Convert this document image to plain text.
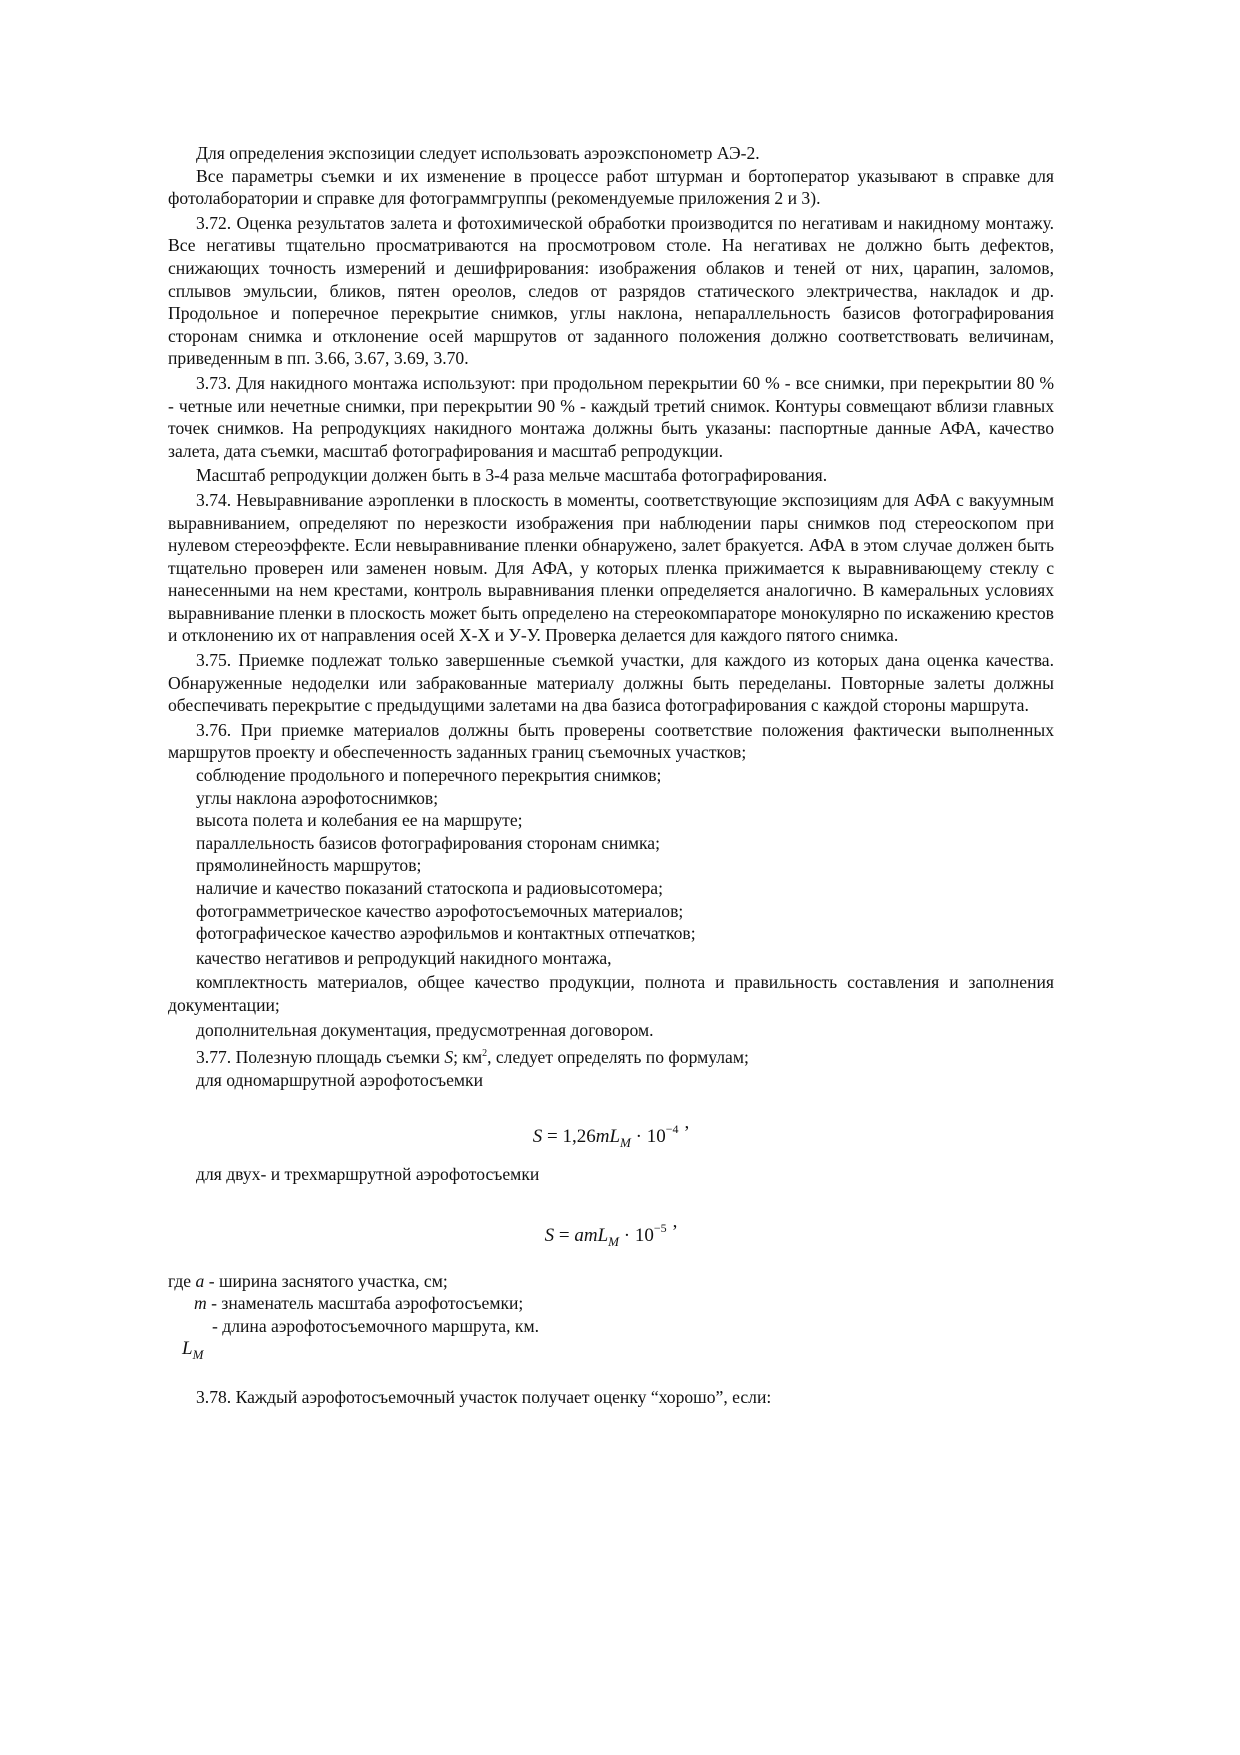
Для определения экспозиции следует использовать аэроэкспонометр АЭ-2.

Все параметры съемки и их изменение в процессе работ штурман и бортоператор указывают в справке для фотолаборатории и справке для фотограммгруппы (рекомендуемые приложения 2 и 3).

3.72. Оценка результатов залета и фотохимической обработки производится по негативам и накидному монтажу. Все негативы тщательно просматриваются на просмотровом столе. На негативах не должно быть дефектов, снижающих точность измерений и дешифрирования: изображения облаков и теней от них, царапин, заломов, сплывов эмульсии, бликов, пятен ореолов, следов от разрядов статического электричества, накладок и др. Продольное и поперечное перекрытие снимков, углы наклона, непараллельность базисов фотографирования сторонам снимка и отклонение осей маршрутов от заданного положения должно соответствовать величинам, приведенным в пп. 3.66, 3.67, 3.69, 3.70.

3.73. Для накидного монтажа используют: при продольном перекрытии 60 % - все снимки, при перекрытии 80 % - четные или нечетные снимки, при перекрытии 90 % - каждый третий снимок. Контуры совмещают вблизи главных точек снимков. На репродукциях накидного монтажа должны быть указаны: паспортные данные АФА, качество залета, дата съемки, масштаб фотографирования и масштаб репродукции.

Масштаб репродукции должен быть в 3-4 раза мельче масштаба фотографирования.

3.74. Невыравнивание аэропленки в плоскость в моменты, соответствующие экспозициям для АФА с вакуумным выравниванием, определяют по нерезкости изображения при наблюдении пары снимков под стереоскопом при нулевом стереоэффекте. Если невыравнивание пленки обнаружено, залет бракуется. АФА в этом случае должен быть тщательно проверен или заменен новым. Для АФА, у которых пленка прижимается к выравнивающему стеклу с нанесенными на нем крестами, контроль выравнивания пленки определяется аналогично. В камеральных условиях выравнивание пленки в плоскость может быть определено на стереокомпараторе монокулярно по искажению крестов и отклонению их от направления осей X-X и У-У. Проверка делается для каждого пятого снимка.

3.75. Приемке подлежат только завершенные съемкой участки, для каждого из которых дана оценка качества. Обнаруженные недоделки или забракованные материалу должны быть переделаны. Повторные залеты должны обеспечивать перекрытие с предыдущими залетами на два базиса фотографирования с каждой стороны маршрута.

3.76. При приемке материалов должны быть проверены соответствие положения фактически выполненных маршрутов проекту и обеспеченность заданных границ съемочных участков;

соблюдение продольного и поперечного перекрытия снимков;

углы наклона аэрофотоснимков;

высота полета и колебания ее на маршруте;

параллельность базисов фотографирования сторонам снимка;

прямолинейность маршрутов;

наличие и качество показаний статоскопа и радиовысотомера;

фотограмметрическое качество аэрофотосъемочных материалов;

фотографическое качество аэрофильмов и контактных отпечатков;

качество негативов и репродукций накидного монтажа,

комплектность материалов, общее качество продукции, полнота и правильность составления и заполнения документации;

дополнительная документация, предусмотренная договором.

3.77. Полезную площадь съемки S; $км^2$, следует определять по формулам;

для одномаршрутной аэрофотосъемки

$S = 1,26mL_M \cdot 10^{-4}$ ,

для двух- и трехмаршрутной аэрофотосъемки

$S = amL_M \cdot 10^{-5}$ ,
где a - ширина заснятого участка, см;
m - знаменатель масштаба аэрофотосъемки;
- длина аэрофотосъемочного маршрута, км.
$L_M$

3.78. Каждый аэрофотосъемочный участок получает оценку “хорошо”, если:
